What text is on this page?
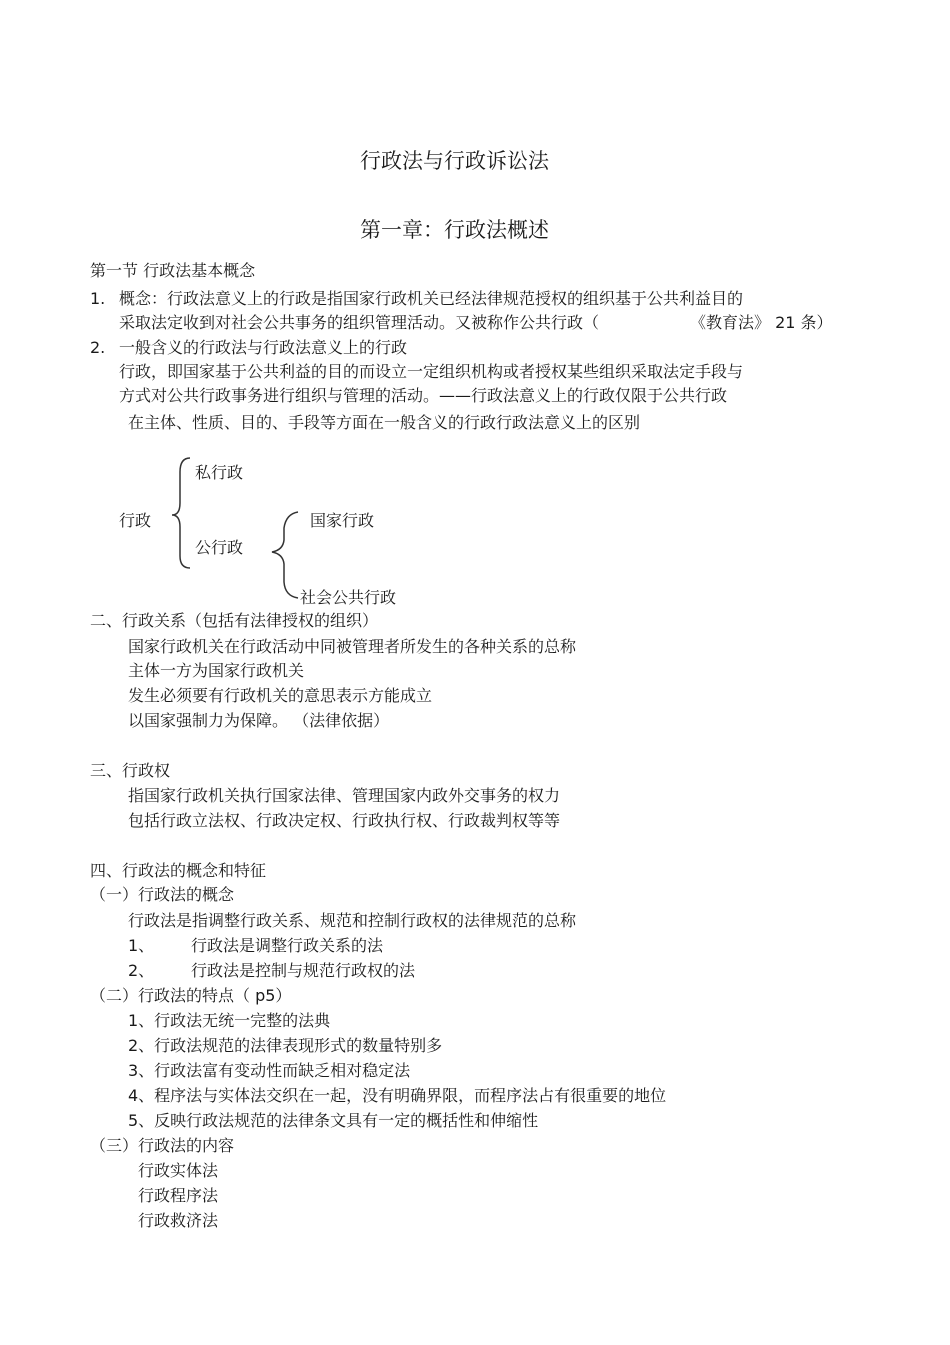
行政法与行政诉讼法
第一章：行政法概述
第一节 行政法基本概念
1. 概念：行政法意义上的行政是指国家行政机关已经法律规范授权的组织基于公共利益目的
采取法定收到对社会公共事务的组织管理活动。又被称作公共行政（	《教育法》 21 条）
2. 一般含义的行政法与行政法意义上的行政
行政，即国家基于公共利益的目的而设立一定组织机构或者授权某些组织采取法定手段与
方式对公共行政事务进行组织与管理的活动。——行政法意义上的行政仅限于公共行政
在主体、性质、目的、手段等方面在一般含义的行政行政法意义上的区别
行政
私行政
公行政
国家行政
社会公共行政
二、行政关系（包括有法律授权的组织）
国家行政机关在行政活动中同被管理者所发生的各种关系的总称
主体一方为国家行政机关
发生必须要有行政机关的意思表示方能成立
以国家强制力为保障。 （法律依据）
三、行政权
指国家行政机关执行国家法律、管理国家内政外交事务的权力
包括行政立法权、行政决定权、行政执行权、行政裁判权等等
四、行政法的概念和特征
（一）行政法的概念
行政法是指调整行政关系、规范和控制行政权的法律规范的总称
1、 行政法是调整行政关系的法
2、 行政法是控制与规范行政权的法
（二）行政法的特点（ p5）
1、行政法无统一完整的法典
2、行政法规范的法律表现形式的数量特别多
3、行政法富有变动性而缺乏相对稳定法
4、程序法与实体法交织在一起，没有明确界限，而程序法占有很重要的地位
5、反映行政法规范的法律条文具有一定的概括性和伸缩性
（三）行政法的内容
行政实体法
行政程序法
行政救济法
